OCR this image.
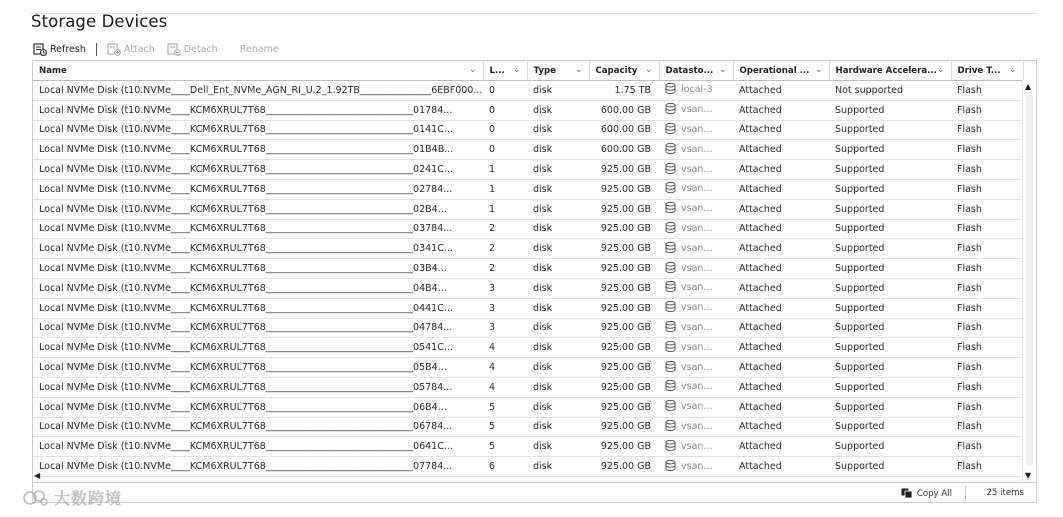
Storage Devices
Refresh	Attach	Detach Rename
Name ⌄	L... ⌄	Type ⌄	Capacity ⌄	Datasto... ⌄	Operational ... ⌄	Hardware Accelera... ⌄	Drive T... ⌄

Local NVMe Disk (t10.NVMe____Dell_Ent_NVMe_AGN_RI_U.2_1.92TB_______________6EBF000...	0	disk	1.75 TB	local-3	Attached	Not supported	Flash
Local NVMe Disk (t10.NVMe____KCM6XRUL7T68_______________________________01784...	0	disk	600.00 GB	vsan...	Attached	Supported	Flash
Local NVMe Disk (t10.NVMe____KCM6XRUL7T68_______________________________0141C...	0	disk	600.00 GB	vsan...	Attached	Supported	Flash
Local NVMe Disk (t10.NVMe____KCM6XRUL7T68_______________________________01B4B...	0	disk	600.00 GB	vsan...	Attached	Supported	Flash
Local NVMe Disk (t10.NVMe____KCM6XRUL7T68_______________________________0241C...	1	disk	925.00 GB	vsan...	Attached	Supported	Flash
Local NVMe Disk (t10.NVMe____KCM6XRUL7T68_______________________________02784...	1	disk	925.00 GB	vsan...	Attached	Supported	Flash
Local NVMe Disk (t10.NVMe____KCM6XRUL7T68_______________________________02B4...	1	disk	925.00 GB	vsan...	Attached	Supported	Flash
Local NVMe Disk (t10.NVMe____KCM6XRUL7T68_______________________________03784...	2	disk	925.00 GB	vsan...	Attached	Supported	Flash
Local NVMe Disk (t10.NVMe____KCM6XRUL7T68_______________________________0341C...	2	disk	925.00 GB	vsan...	Attached	Supported	Flash
Local NVMe Disk (t10.NVMe____KCM6XRUL7T68_______________________________03B4...	2	disk	925.00 GB	vsan...	Attached	Supported	Flash
Local NVMe Disk (t10.NVMe____KCM6XRUL7T68_______________________________04B4...	3	disk	925.00 GB	vsan...	Attached	Supported	Flash
Local NVMe Disk (t10.NVMe____KCM6XRUL7T68_______________________________0441C...	3	disk	925.00 GB	vsan...	Attached	Supported	Flash
Local NVMe Disk (t10.NVMe____KCM6XRUL7T68_______________________________04784...	3	disk	925.00 GB	vsan...	Attached	Supported	Flash
Local NVMe Disk (t10.NVMe____KCM6XRUL7T68_______________________________0541C...	4	disk	925.00 GB	vsan...	Attached	Supported	Flash
Local NVMe Disk (t10.NVMe____KCM6XRUL7T68_______________________________05B4...	4	disk	925.00 GB	vsan...	Attached	Supported	Flash
Local NVMe Disk (t10.NVMe____KCM6XRUL7T68_______________________________05784...	4	disk	925.00 GB	vsan...	Attached	Supported	Flash
Local NVMe Disk (t10.NVMe____KCM6XRUL7T68_______________________________06B4...	5	disk	925.00 GB	vsan...	Attached	Supported	Flash
Local NVMe Disk (t10.NVMe____KCM6XRUL7T68_______________________________06784...	5	disk	925.00 GB	vsan...	Attached	Supported	Flash
Local NVMe Disk (t10.NVMe____KCM6XRUL7T68_______________________________0641C...	5	disk	925.00 GB	vsan...	Attached	Supported	Flash
Local NVMe Disk (t10.NVMe____KCM6XRUL7T68_______________________________07784...	6	disk	925.00 GB	vsan...	Attached	Supported	Flash
▲
▼
◀
Copy All	25 items
大数跨境
